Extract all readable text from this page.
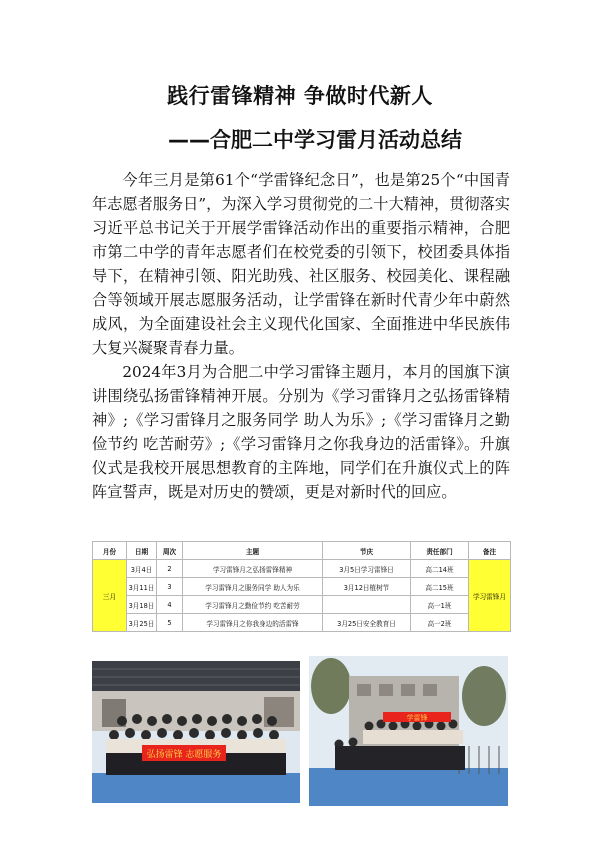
践行雷锋精神 争做时代新人
——合肥二中学习雷月活动总结

今年三月是第61个“学雷锋纪念日”，也是第25个“中国青年志愿者服务日”，为深入学习贯彻党的二十大精神，贯彻落实习近平总书记关于开展学雷锋活动作出的重要指示精神，合肥市第二中学的青年志愿者们在校党委的引领下，校团委具体指导下，在精神引领、阳光助残、社区服务、校园美化、课程融合等领域开展志愿服务活动，让学雷锋在新时代青少年中蔚然成风，为全面建设社会主义现代化国家、全面推进中华民族伟大复兴凝聚青春力量。

2024年3月为合肥二中学习雷锋主题月，本月的国旗下演讲围绕弘扬雷锋精神开展。分别为《学习雷锋月之弘扬雷锋精神》;《学习雷锋月之服务同学 助人为乐》;《学习雷锋月之勤俭节约 吃苦耐劳》;《学习雷锋月之你我身边的活雷锋》。升旗仪式是我校开展思想教育的主阵地，同学们在升旗仪式上的阵阵宣誓声，既是对历史的赞颂，更是对新时代的回应。

月份	日期	周次	主题	节庆	责任部门	备注
三月	3月4日	2	学习雷锋月之弘扬雷锋精神	3月5日学习雷锋日	高二14班	学习雷锋月
	3月11日	3	学习雷锋月之服务同学 助人为乐	3月12日植树节	高二15班	
	3月18日	4	学习雷锋月之勤俭节约 吃苦耐劳		高一1班	
	3月25日	5	学习雷锋月之你我身边的活雷锋	3月25日安全教育日	高一2班	
弘扬雷锋 志愿服务
学雷锋
